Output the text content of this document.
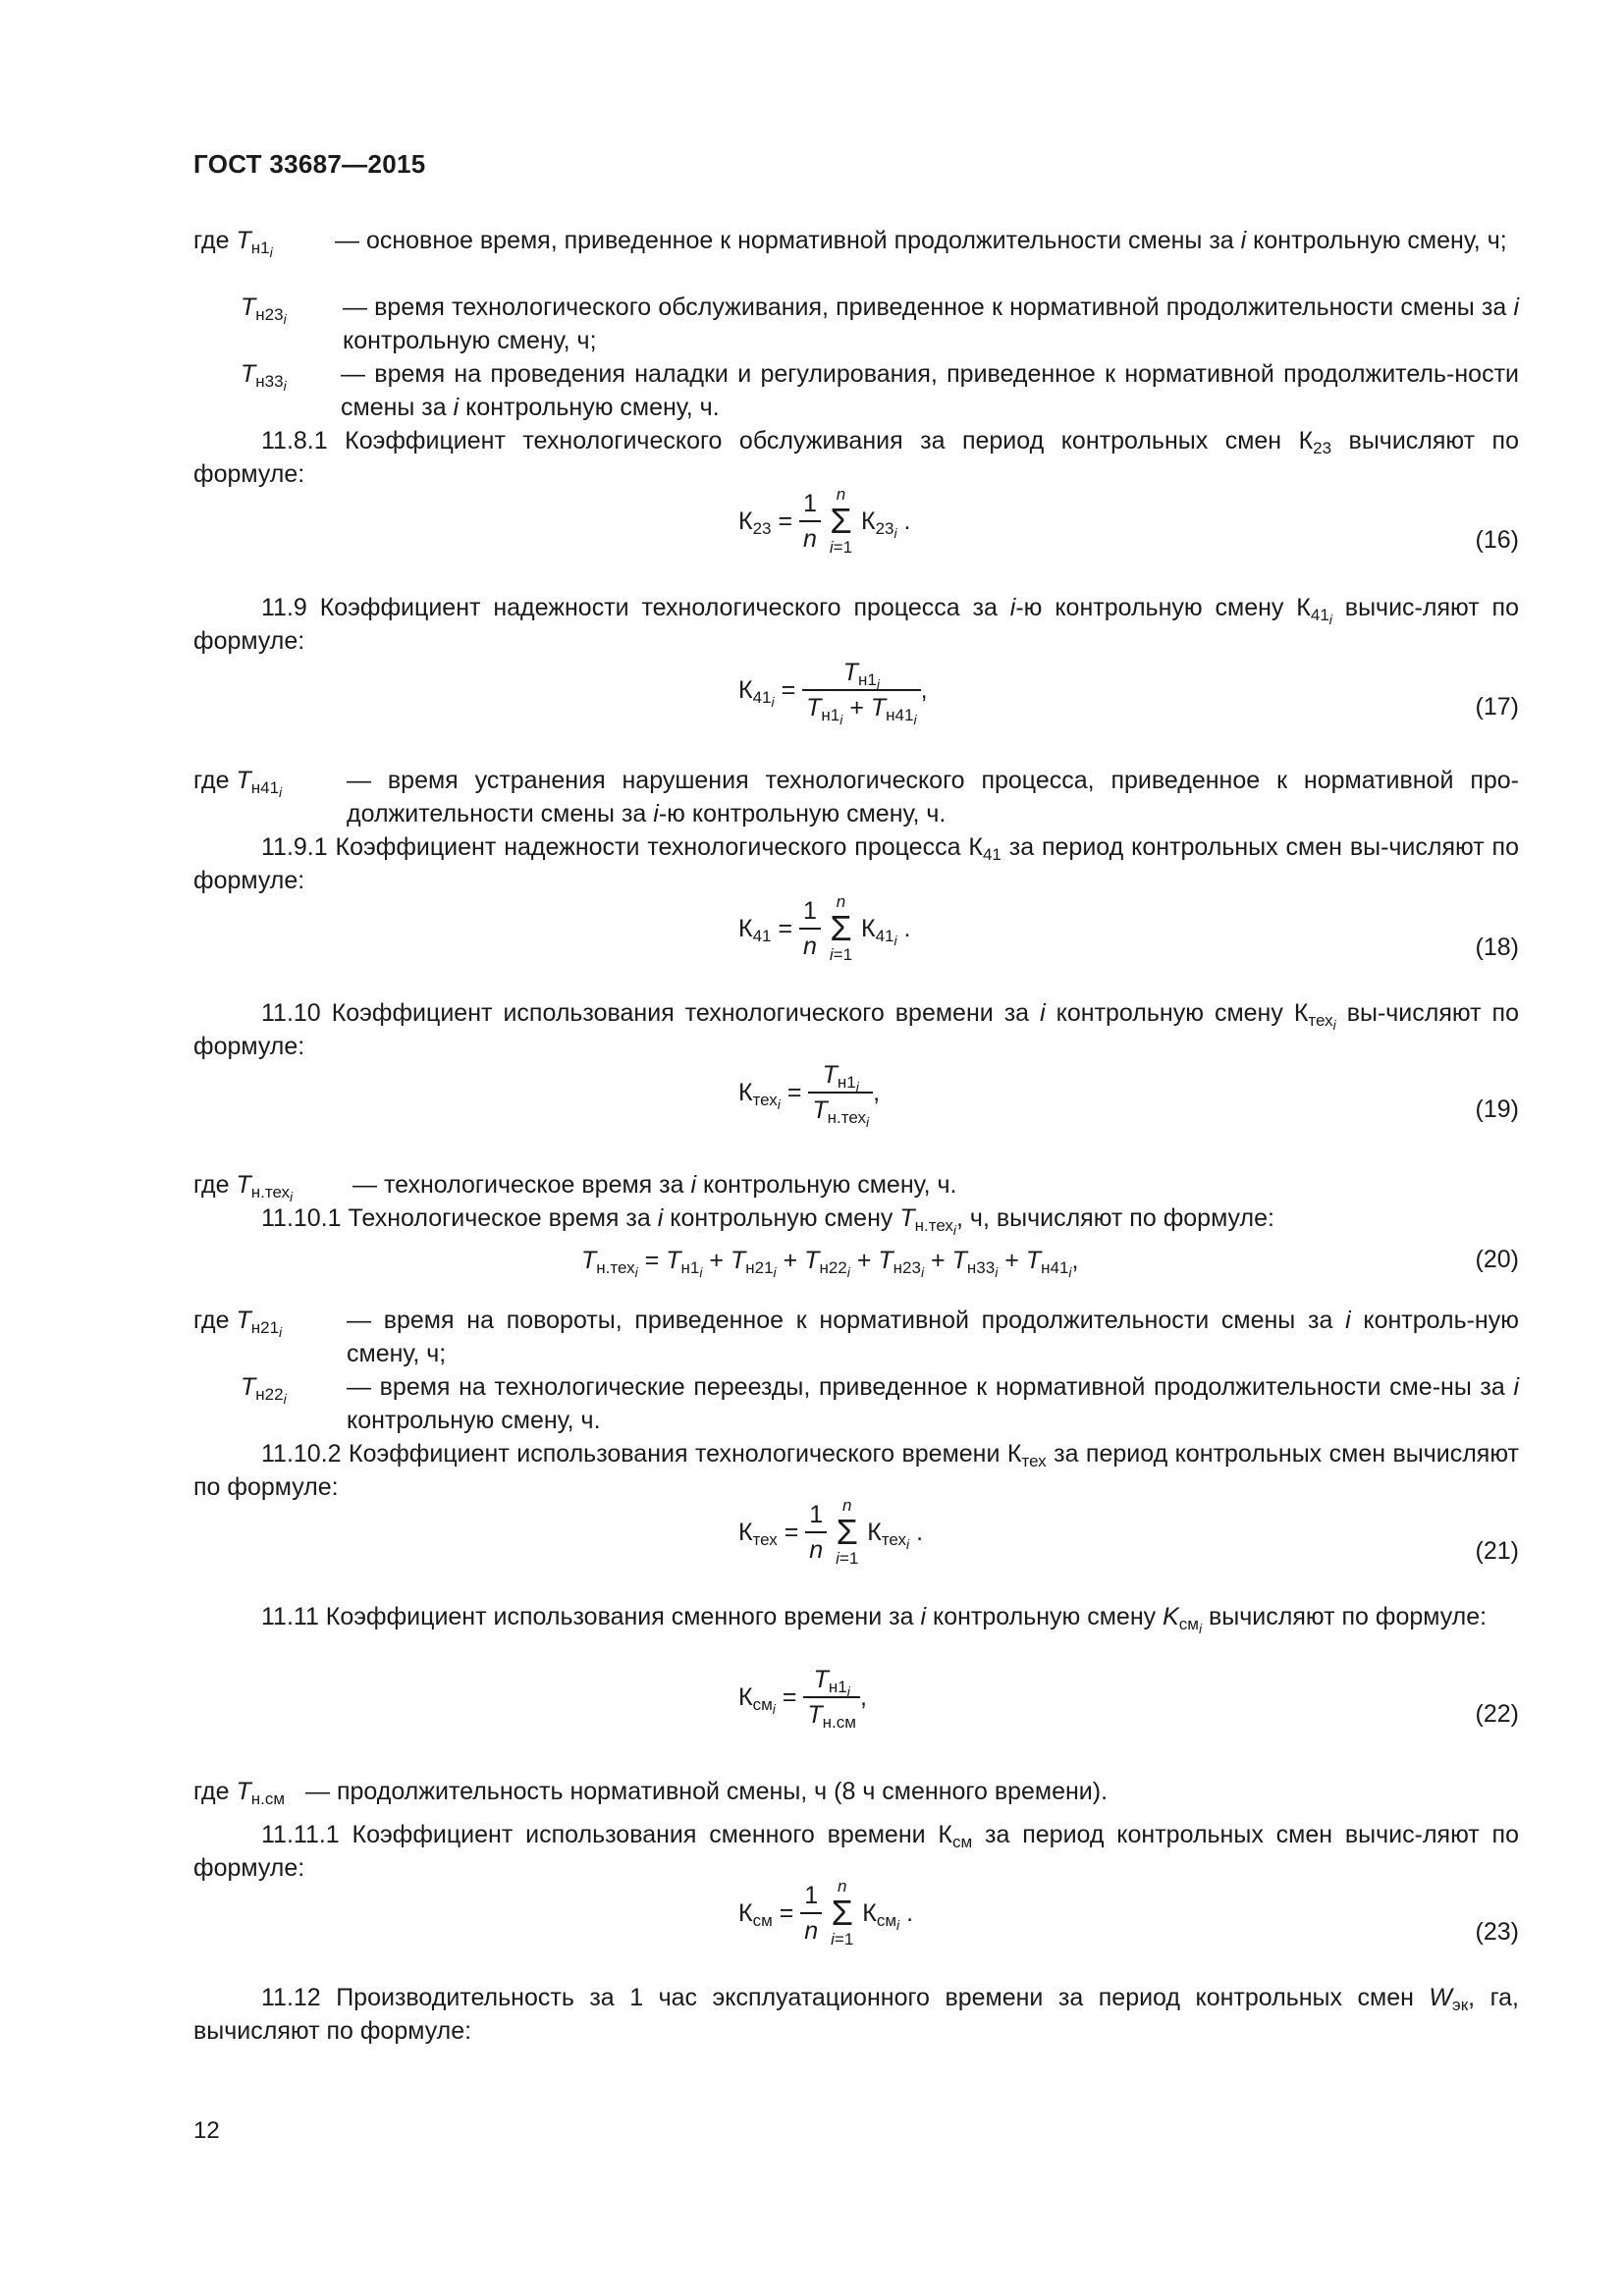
ГОСТ 33687—2015
где $T_{н1_i}$	— основное время, приведенное к нормативной продолжительности смены за i контрольную смену, ч;
$T_{н23_i}$	— время технологического обслуживания, приведенное к нормативной продолжительности смены за i контрольную смену, ч;
$T_{н33_i}$	— время на проведения наладки и регулирования, приведенное к нормативной продолжитель-ности смены за i контрольную смену, ч.
11.8.1 Коэффициент технологического обслуживания за период контрольных смен $К_{23}$ вычисляют по формуле:
$К_{23} = \frac{1}{n}$
n
Σ
i=1
$К_{23_i}$ .
(16)
11.9 Коэффициент надежности технологического процесса за i-ю контрольную смену $К_{41_i}$ вычис-ляют по формуле:
$К_{41_i} = \frac{T_{н1_i}}{T_{н1_i} + T_{н41_i}}$ ,
(17)
где $T_{н41_i}$	— время устранения нарушения технологического процесса, приведенное к нормативной про-должительности смены за i-ю контрольную смену, ч.
11.9.1 Коэффициент надежности технологического процесса $К_{41}$ за период контрольных смен вы-числяют по формуле:
$К_{41} = \frac{1}{n}$
n
Σ
i=1
$К_{41_i}$ .
(18)
11.10 Коэффициент использования технологического времени за i контрольную смену $К_{тех_i}$ вы-числяют по формуле:
$К_{тех_i} = \frac{T_{н1_i}}{T_{н.тех_i}}$ ,
(19)
где $T_{н.тех_i}$	— технологическое время за i контрольную смену, ч.
11.10.1 Технологическое время за i контрольную смену $T_{н.тех_i}$, ч, вычисляют по формуле:
$T_{н.тех_i} = T_{н1_i} + T_{н21_i} + T_{н22_i} + T_{н23_i} + T_{н33_i} + T_{н41_i}$,	(20)
где $T_{н21_i}$	— время на повороты, приведенное к нормативной продолжительности смены за i контроль-ную смену, ч;
$T_{н22_i}$	— время на технологические переезды, приведенное к нормативной продолжительности сме-ны за i контрольную смену, ч.
11.10.2 Коэффициент использования технологического времени $К_{тех}$ за период контрольных смен вычисляют по формуле:
$К_{тех} = \frac{1}{n}$
n
Σ
i=1
$К_{тех_i}$ .
(21)
11.11 Коэффициент использования сменного времени за i контрольную смену $K_{см_i}$ вычисляют по формуле:
$К_{см_i} = \frac{T_{н1_i}}{T_{н.см}}$ ,
(22)
где $T_{н.см}$ — продолжительность нормативной смены, ч (8 ч сменного времени).
11.11.1 Коэффициент использования сменного времени $К_{см}$ за период контрольных смен вычис-ляют по формуле:
$К_{см} = \frac{1}{n}$
n
Σ
i=1
$К_{см_i}$ .
(23)
11.12 Производительность за 1 час эксплуатационного времени за период контрольных смен $W_{эк}$, га, вычисляют по формуле:
12
